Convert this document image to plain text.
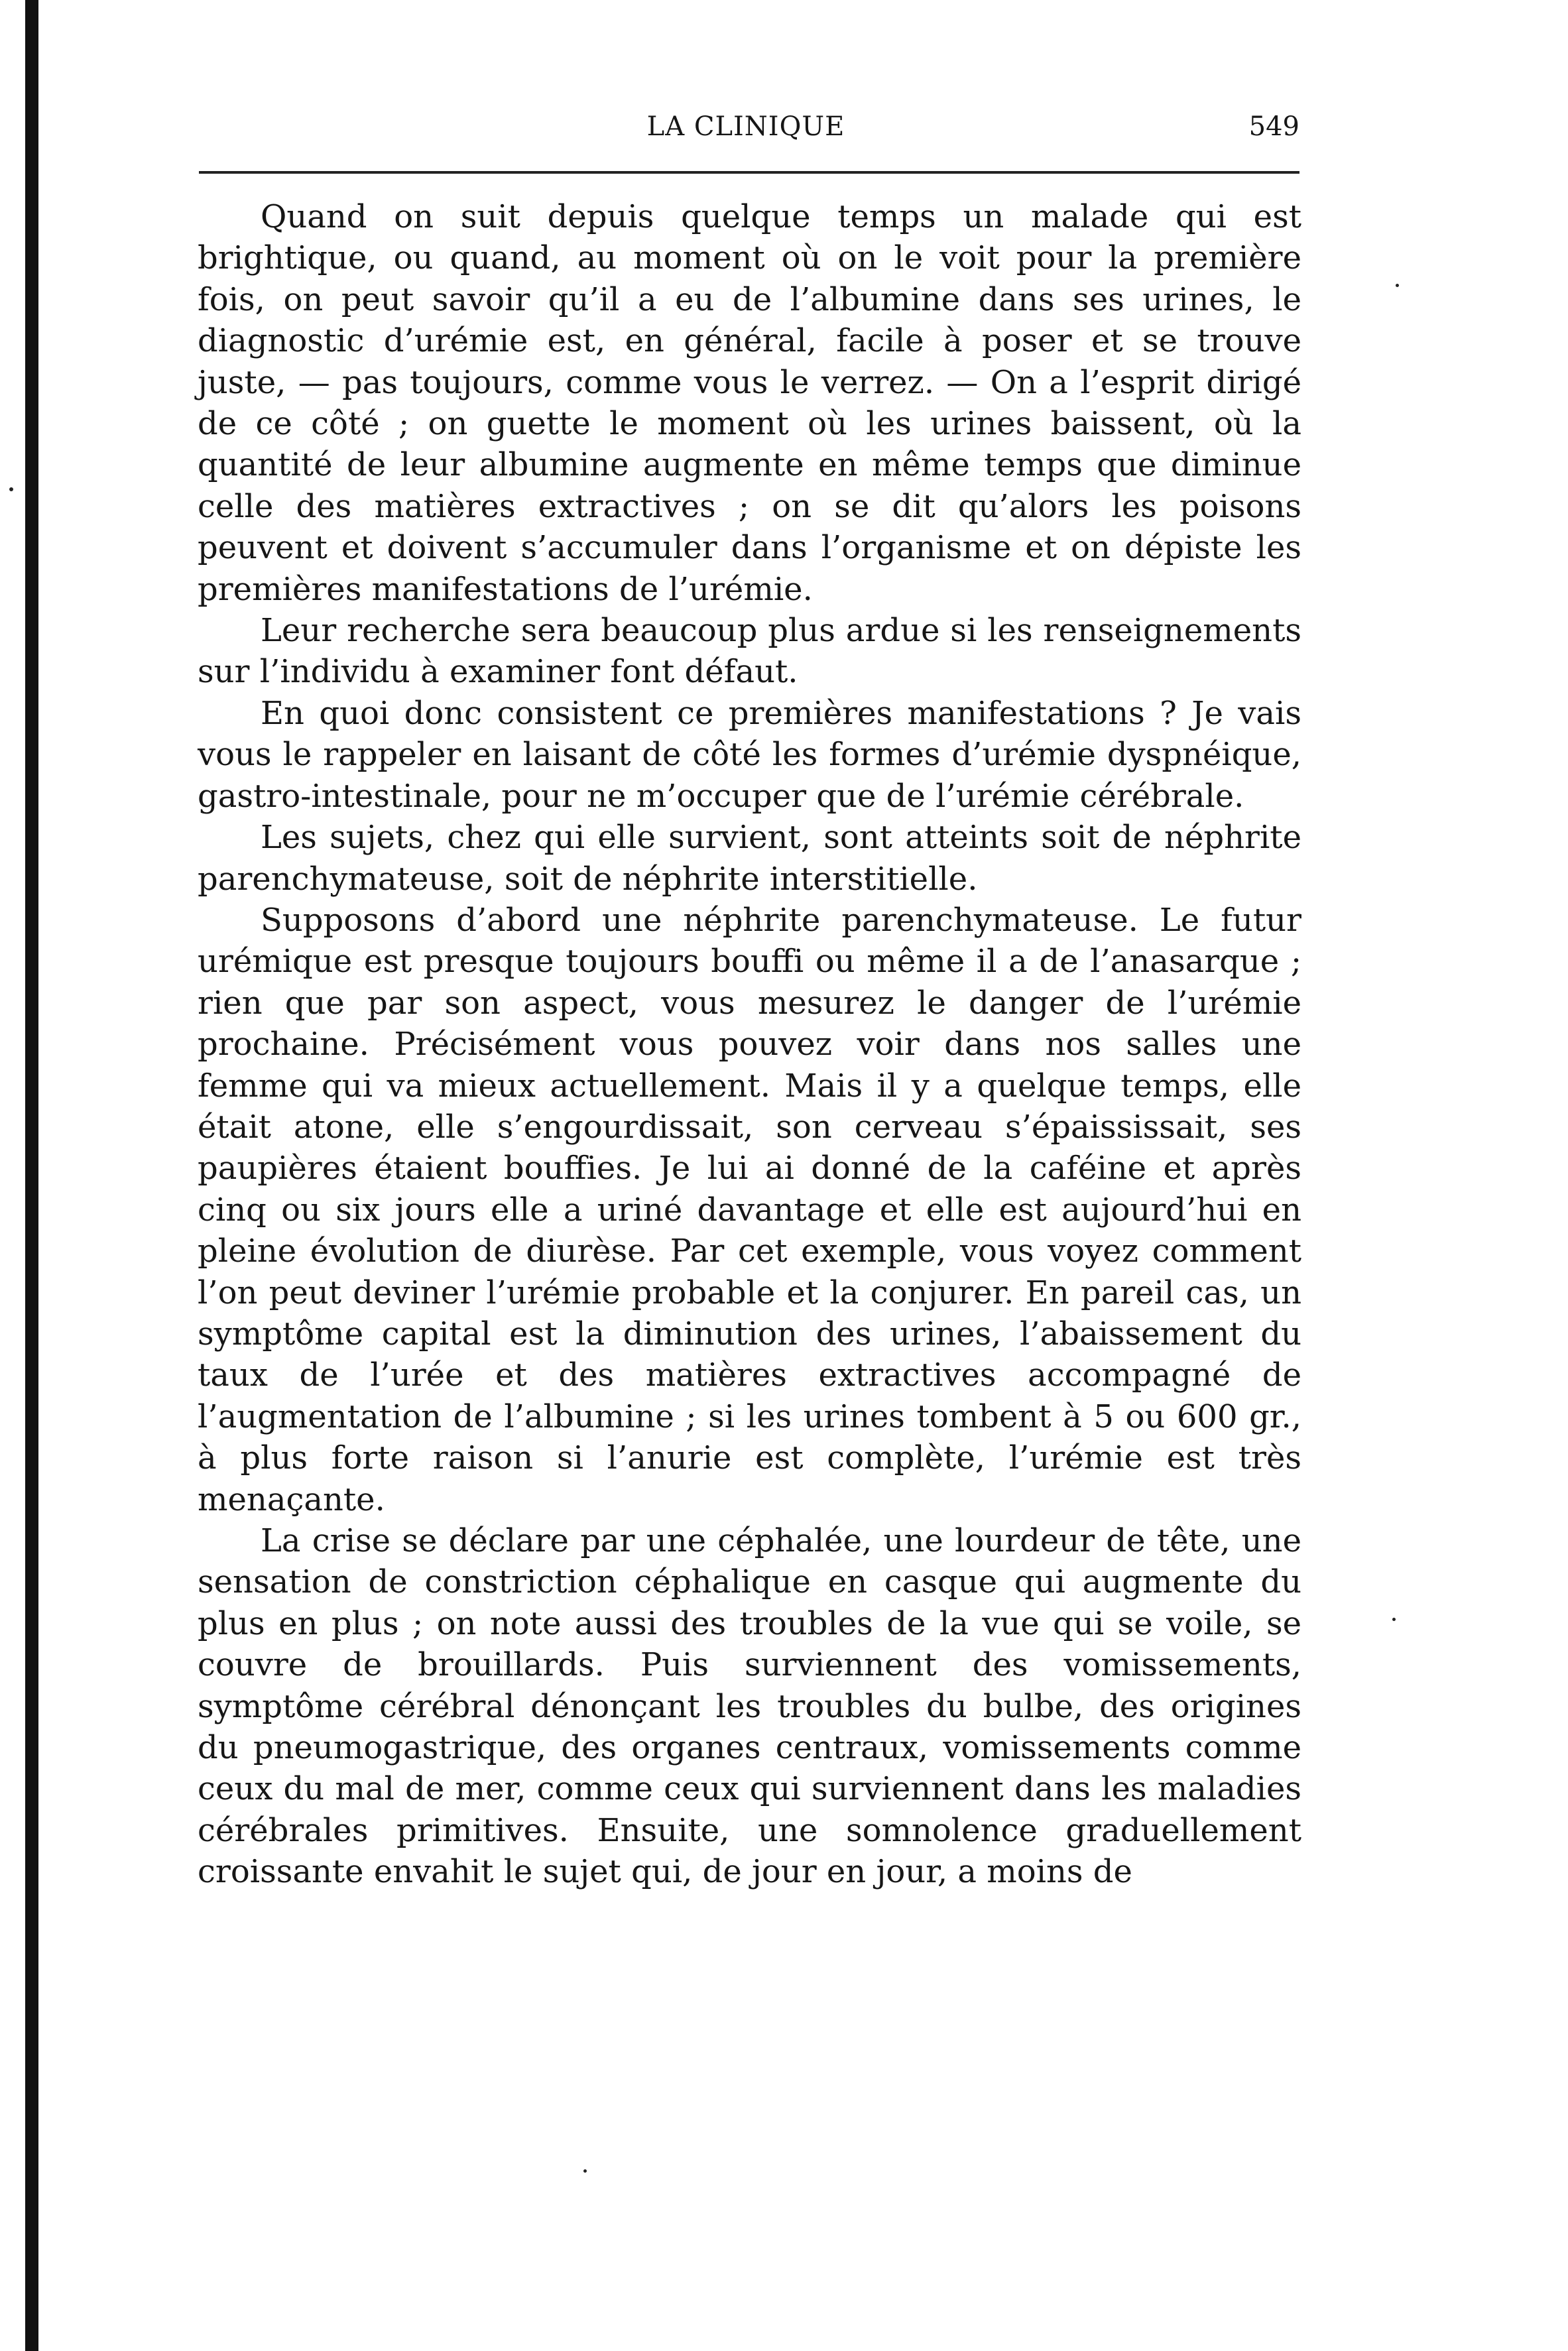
LA CLINIQUE	549

Quand on suit depuis quelque temps un malade qui est brightique, ou quand, au moment où on le voit pour la première fois, on peut savoir qu’il a eu de l’albumine dans ses urines, le diagnostic d’urémie est, en général, facile à poser et se trouve juste, — pas toujours, comme vous le verrez. — On a l’esprit dirigé de ce côté ; on guette le moment où les urines baissent, où la quantité de leur albumine augmente en même temps que diminue celle des matières extractives ; on se dit qu’alors les poisons peuvent et doivent s’accumuler dans l’organisme et on dépiste les premières manifestations de l’urémie.

Leur recherche sera beaucoup plus ardue si les renseignements sur l’individu à examiner font défaut.

En quoi donc consistent ce premières manifestations ? Je vais vous le rappeler en laisant de côté les formes d’urémie dyspnéique, gastro-intestinale, pour ne m’occuper que de l’urémie cérébrale.

Les sujets, chez qui elle survient, sont atteints soit de néphrite parenchymateuse, soit de néphrite interstitielle.

Supposons d’abord une néphrite parenchymateuse. Le futur urémique est presque toujours bouffi ou même il a de l’anasarque ; rien que par son aspect, vous mesurez le danger de l’urémie prochaine. Précisément vous pouvez voir dans nos salles une femme qui va mieux actuellement. Mais il y a quelque temps, elle était atone, elle s’engourdissait, son cerveau s’épaississait, ses paupières étaient bouffies. Je lui ai donné de la caféine et après cinq ou six jours elle a uriné davantage et elle est aujourd’hui en pleine évolution de diurèse. Par cet exemple, vous voyez comment l’on peut deviner l’urémie probable et la conjurer. En pareil cas, un symptôme capital est la diminution des urines, l’abaissement du taux de l’urée et des matières extractives accompagné de l’augmentation de l’albumine ; si les urines tombent à 5 ou 600 gr., à plus forte raison si l’anurie est complète, l’urémie est très menaçante.

La crise se déclare par une céphalée, une lourdeur de tête, une sensation de constriction céphalique en casque qui augmente du plus en plus ; on note aussi des troubles de la vue qui se voile, se couvre de brouillards. Puis surviennent des vomissements, symptôme cérébral dénonçant les troubles du bulbe, des origines du pneumogastrique, des organes centraux, vomissements comme ceux du mal de mer, comme ceux qui surviennent dans les maladies cérébrales primitives. Ensuite, une somnolence graduellement croissante envahit le sujet qui, de jour en jour, a moins de
